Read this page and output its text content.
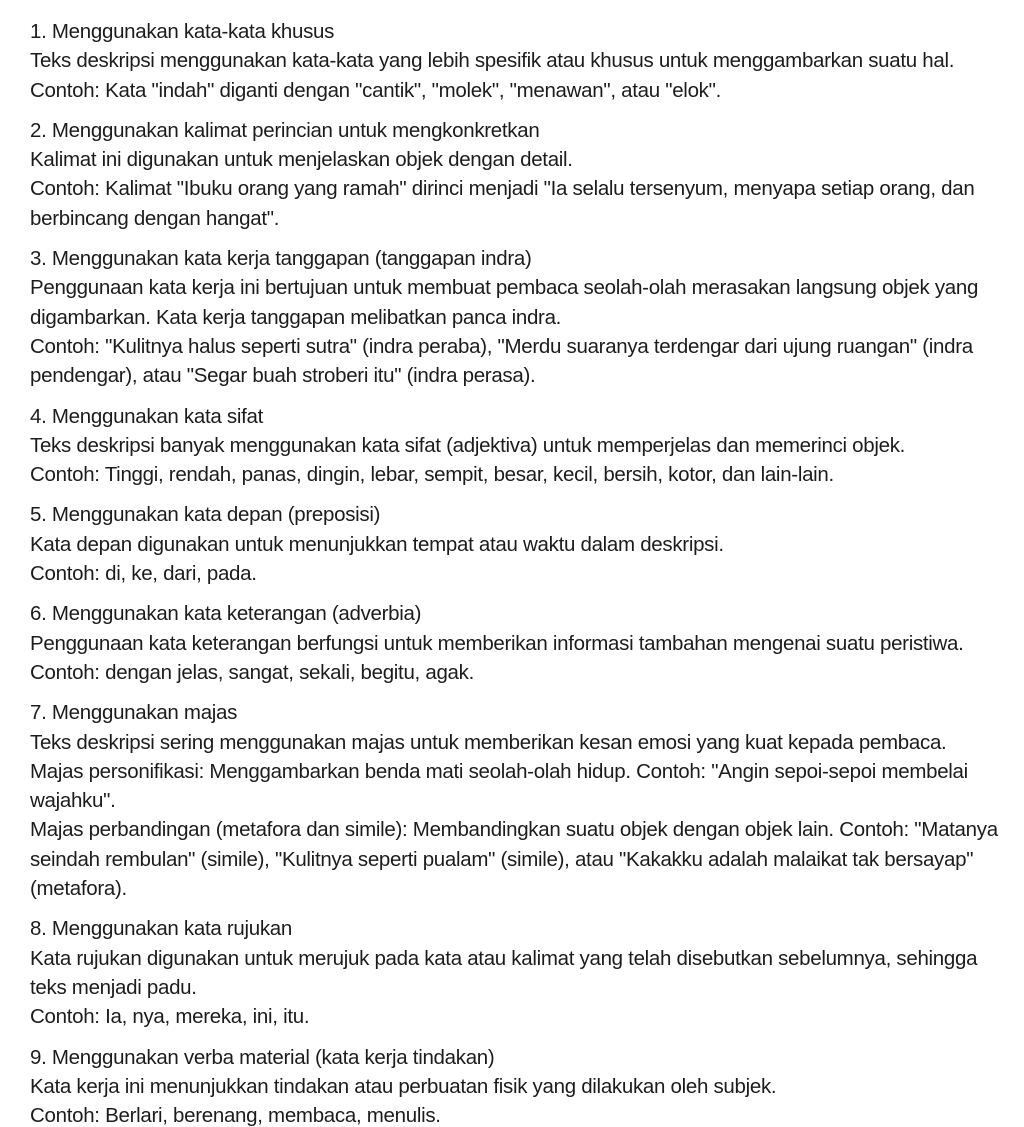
1. Menggunakan kata-kata khusus
Teks deskripsi menggunakan kata-kata yang lebih spesifik atau khusus untuk menggambarkan suatu hal.
Contoh: Kata "indah" diganti dengan "cantik", "molek", "menawan", atau "elok".
2. Menggunakan kalimat perincian untuk mengkonkretkan
Kalimat ini digunakan untuk menjelaskan objek dengan detail.
Contoh: Kalimat "Ibuku orang yang ramah" dirinci menjadi "Ia selalu tersenyum, menyapa setiap orang, dan berbincang dengan hangat".
3. Menggunakan kata kerja tanggapan (tanggapan indra)
Penggunaan kata kerja ini bertujuan untuk membuat pembaca seolah-olah merasakan langsung objek yang digambarkan. Kata kerja tanggapan melibatkan panca indra.
Contoh: "Kulitnya halus seperti sutra" (indra peraba), "Merdu suaranya terdengar dari ujung ruangan" (indra pendengar), atau "Segar buah stroberi itu" (indra perasa).
4. Menggunakan kata sifat
Teks deskripsi banyak menggunakan kata sifat (adjektiva) untuk memperjelas dan memerinci objek.
Contoh: Tinggi, rendah, panas, dingin, lebar, sempit, besar, kecil, bersih, kotor, dan lain-lain.
5. Menggunakan kata depan (preposisi)
Kata depan digunakan untuk menunjukkan tempat atau waktu dalam deskripsi.
Contoh: di, ke, dari, pada.
6. Menggunakan kata keterangan (adverbia)
Penggunaan kata keterangan berfungsi untuk memberikan informasi tambahan mengenai suatu peristiwa.
Contoh: dengan jelas, sangat, sekali, begitu, agak.
7. Menggunakan majas
Teks deskripsi sering menggunakan majas untuk memberikan kesan emosi yang kuat kepada pembaca.
Majas personifikasi: Menggambarkan benda mati seolah-olah hidup. Contoh: "Angin sepoi-sepoi membelai wajahku".
Majas perbandingan (metafora dan simile): Membandingkan suatu objek dengan objek lain. Contoh: "Matanya seindah rembulan" (simile), "Kulitnya seperti pualam" (simile), atau "Kakakku adalah malaikat tak bersayap" (metafora).
8. Menggunakan kata rujukan
Kata rujukan digunakan untuk merujuk pada kata atau kalimat yang telah disebutkan sebelumnya, sehingga teks menjadi padu.
Contoh: Ia, nya, mereka, ini, itu.
9. Menggunakan verba material (kata kerja tindakan)
Kata kerja ini menunjukkan tindakan atau perbuatan fisik yang dilakukan oleh subjek.
Contoh: Berlari, berenang, membaca, menulis.
